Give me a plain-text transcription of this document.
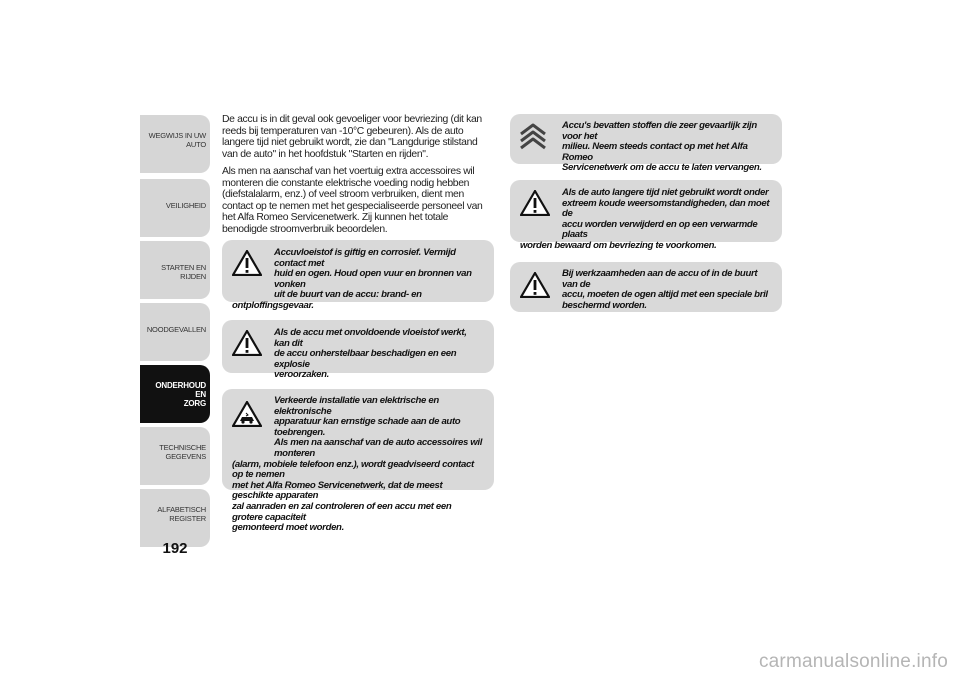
WEGWIJS IN UW
AUTO
VEILIGHEID
STARTEN EN RIJDEN
NOODGEVALLEN
ONDERHOUD EN
ZORG
TECHNISCHE
GEGEVENS
ALFABETISCH
REGISTER
192

De accu is in dit geval ook gevoeliger voor bevriezing (dit kan reeds bij temperaturen van -10°C gebeuren). Als de auto langere tijd niet gebruikt wordt, zie dan "Langdurige stilstand van de auto" in het hoofdstuk "Starten en rijden".

Als men na aanschaf van het voertuig extra accessoires wil monteren die constante elektrische voeding nodig hebben (diefstalalarm, enz.) of veel stroom verbruiken, dient men contact op te nemen met het gespecialiseerde personeel van het Alfa Romeo Servicenetwerk. Zij kunnen het totale benodigde stroomverbruik beoordelen.

Accuvloeistof is giftig en corrosief. Vermijd contact met
huid en ogen. Houd open vuur en bronnen van vonken
uit de buurt van de accu: brand- en
ontploffingsgevaar.
Als de accu met onvoldoende vloeistof werkt, kan dit
de accu onherstelbaar beschadigen en een explosie
veroorzaken.
Verkeerde installatie van elektrische en elektronische
apparatuur kan ernstige schade aan de auto toebrengen.
Als men na aanschaf van de auto accessoires wil monteren
(alarm, mobiele telefoon enz.), wordt geadviseerd contact op te nemen
met het Alfa Romeo Servicenetwerk, dat de meest geschikte apparaten
zal aanraden en zal controleren of een accu met een grotere capaciteit
gemonteerd moet worden.
Accu's bevatten stoffen die zeer gevaarlijk zijn voor het
milieu. Neem steeds contact op met het Alfa Romeo
Servicenetwerk om de accu te laten vervangen.
Als de auto langere tijd niet gebruikt wordt onder
extreem koude weersomstandigheden, dan moet de
accu worden verwijderd en op een verwarmde plaats
worden bewaard om bevriezing te voorkomen.
Bij werkzaamheden aan de accu of in de buurt van de
accu, moeten de ogen altijd met een speciale bril
beschermd worden.
carmanualsonline.info
